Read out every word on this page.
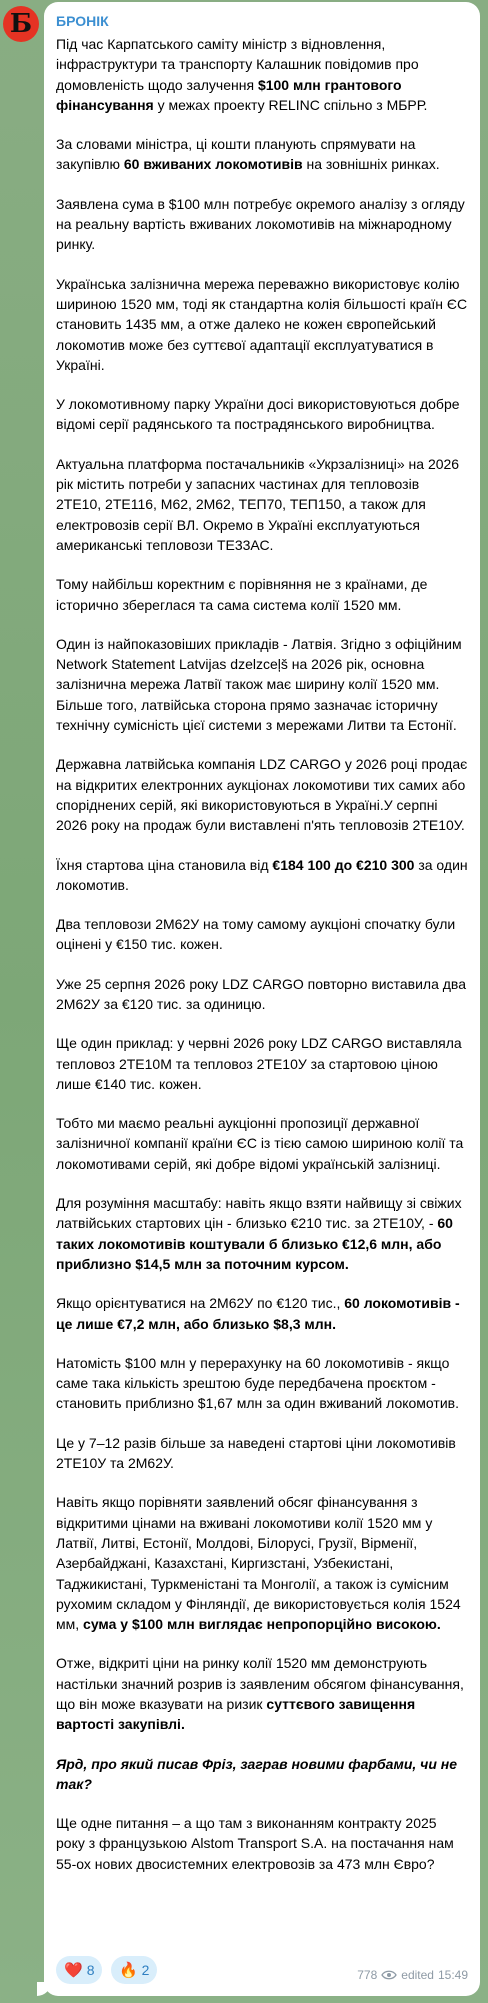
Б	БРОНІК

Під час Карпатського саміту міністр з відновлення, інфраструктури та транспорту Калашник повідомив про домовленість щодо залучення $100 млн грантового фінансування у межах проекту RELINC спільно з МБРР.

За словами міністра, ці кошти планують спрямувати на закупівлю 60 вживаних локомотивів на зовнішніх ринках.

Заявлена сума в $100 млн потребує окремого аналізу з огляду на реальну вартість вживаних локомотивів на міжнародному ринку.

Українська залізнична мережа переважно використовує колію шириною 1520 мм, тоді як стандартна колія більшості країн ЄС становить 1435 мм, а отже далеко не кожен європейський локомотив може без суттєвої адаптації експлуатуватися в Україні.

У локомотивному парку України досі використовуються добре відомі серії радянського та пострадянського виробництва.

Актуальна платформа постачальників «Укрзалізниці» на 2026 рік містить потреби у запасних частинах для тепловозів 2ТЕ10, 2ТЕ116, М62, 2М62, ТЕП70, ТЕП150, а також для електровозів серії ВЛ. Окремо в Україні експлуатуються американські тепловози ТЕ33АС.

Тому найбільш коректним є порівняння не з країнами, де історично збереглася та сама система колії 1520 мм.

Один із найпоказовіших прикладів - Латвія. Згідно з офіційним Network Statement Latvijas dzelzceļš на 2026 рік, основна залізнична мережа Латвії також має ширину колії 1520 мм. Більше того, латвійська сторона прямо зазначає історичну технічну сумісність цієї системи з мережами Литви та Естонії.

Державна латвійська компанія LDZ CARGO у 2026 році продає на відкритих електронних аукціонах локомотиви тих самих або споріднених серій, які використовуються в Україні.У серпні 2026 року на продаж були виставлені п'ять тепловозів 2ТЕ10У.

Їхня стартова ціна становила від €184 100 до €210 300 за один локомотив.

Два тепловози 2М62У на тому самому аукціоні спочатку були оцінені у €150 тис. кожен.

Уже 25 серпня 2026 року LDZ CARGO повторно виставила два 2М62У за €120 тис. за одиницю.

Ще один приклад: у червні 2026 року LDZ CARGO виставляла тепловоз 2ТЕ10М та тепловоз 2ТЕ10У за стартовою ціною лише €140 тис. кожен.

Тобто ми маємо реальні аукціонні пропозиції державної залізничної компанії країни ЄС із тією самою шириною колії та локомотивами серій, які добре відомі українській залізниці.

Для розуміння масштабу: навіть якщо взяти найвищу зі свіжих латвійських стартових цін - близько €210 тис. за 2ТЕ10У, - 60 таких локомотивів коштували б близько €12,6 млн, або приблизно $14,5 млн за поточним курсом.

Якщо орієнтуватися на 2М62У по €120 тис., 60 локомотивів - це лише €7,2 млн, або близько $8,3 млн.

Натомість $100 млн у перерахунку на 60 локомотивів - якщо саме така кількість зрештою буде передбачена проєктом - становить приблизно $1,67 млн за один вживаний локомотив.

Це у 7–12 разів більше за наведені стартові ціни локомотивів 2ТЕ10У та 2М62У.

Навіть якщо порівняти заявлений обсяг фінансування з відкритими цінами на вживані локомотиви колії 1520 мм у Латвії, Литві, Естонії, Молдові, Білорусі, Грузії, Вірменії, Азербайджані, Казахстані, Киргизстані, Узбекистані, Таджикистані, Туркменістані та Монголії, а також із сумісним рухомим складом у Фінляндії, де використовується колія 1524 мм, сума у $100 млн виглядає непропорційно високою.

Отже, відкриті ціни на ринку колії 1520 мм демонструють настільки значний розрив із заявленим обсягом фінансування, що він може вказувати на ризик суттєвого завищення вартості закупівлі.

Ярд, про який писав Фріз, заграв новими фарбами, чи не так?

Ще одне питання – а що там з виконанням контракту 2025 року з французькою Alstom Transport S.A. на постачання нам 55-ох нових двосистемних електровозів за 473 млн Євро?

❤️ 8
🔥 2	778 edited 15:49
